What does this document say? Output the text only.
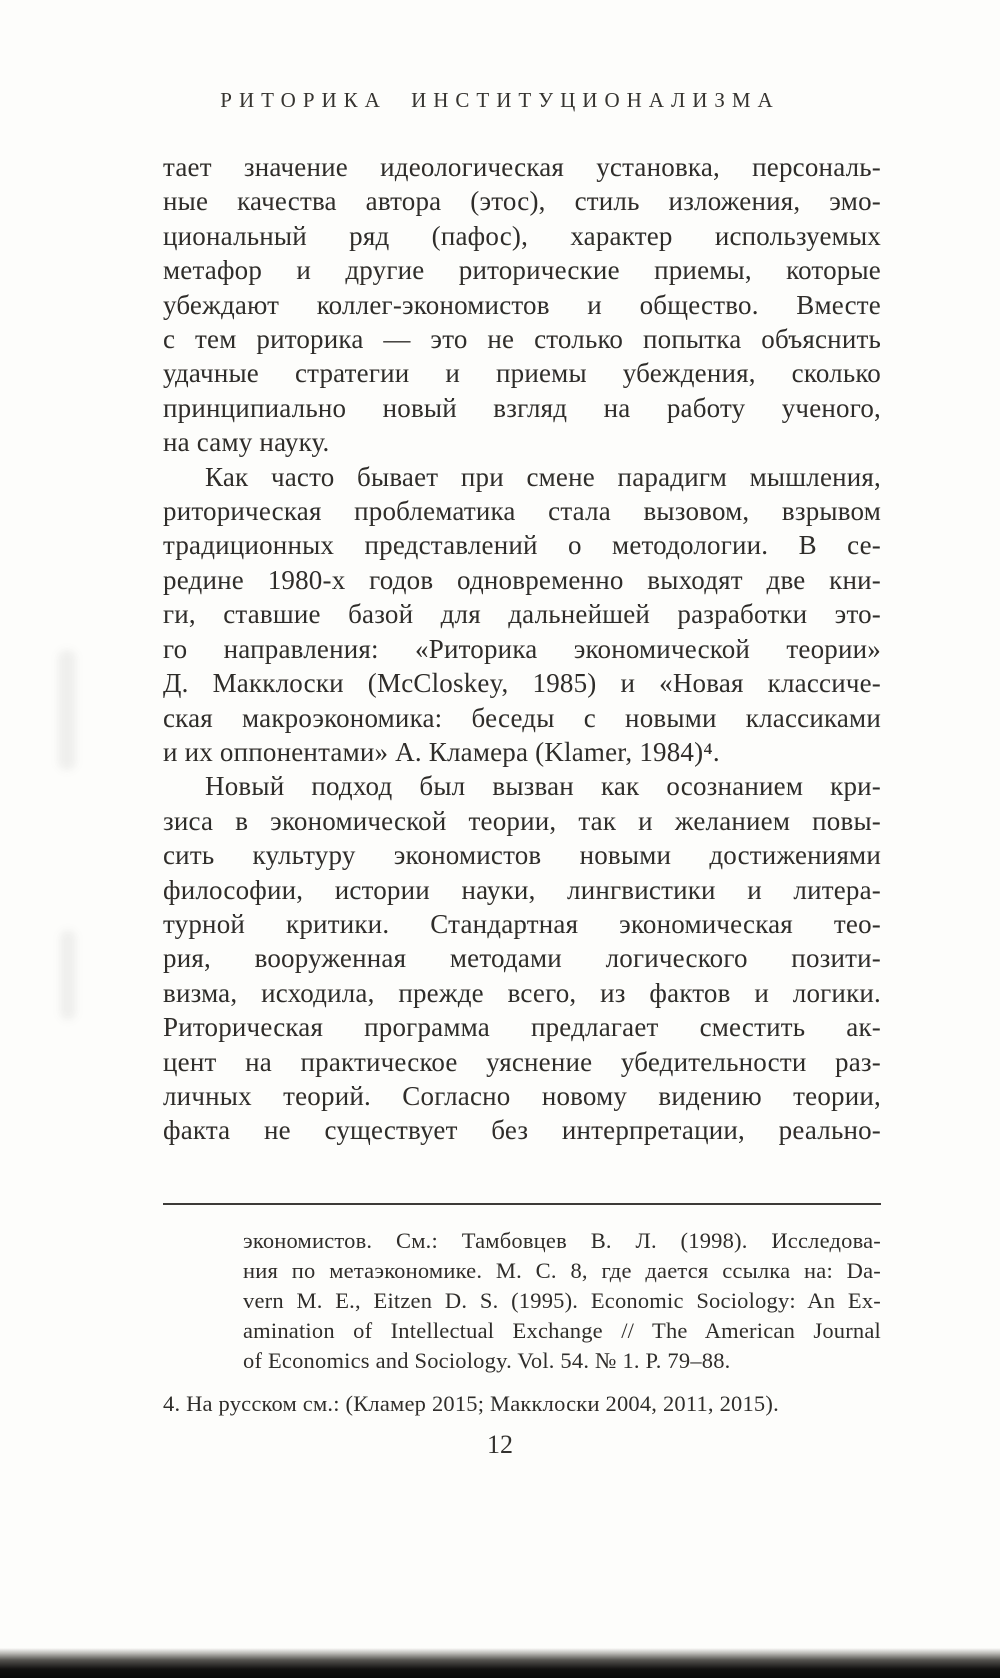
РИТОРИКА ИНСТИТУЦИОНАЛИЗМА
тает значение идеологическая установка, персональ-
ные качества автора (этос), стиль изложения, эмо-
циональный ряд (пафос), характер используемых
метафор и другие риторические приемы, которые
убеждают коллег-экономистов и общество. Вместе
с тем риторика — это не столько попытка объяснить
удачные стратегии и приемы убеждения, сколько
принципиально новый взгляд на работу ученого,
на саму науку.
Как часто бывает при смене парадигм мышления,
риторическая проблематика стала вызовом, взрывом
традиционных представлений о методологии. В се-
редине 1980-х годов одновременно выходят две кни-
ги, ставшие базой для дальнейшей разработки это-
го направления: «Риторика экономической теории»
Д. Макклоски (McCloskey, 1985) и «Новая классиче-
ская макроэкономика: беседы с новыми классиками
и их оппонентами» А. Кламера (Klamer, 1984)⁴.
Новый подход был вызван как осознанием кри-
зиса в экономической теории, так и желанием повы-
сить культуру экономистов новыми достижениями
философии, истории науки, лингвистики и литера-
турной критики. Стандартная экономическая тео-
рия, вооруженная методами логического позити-
визма, исходила, прежде всего, из фактов и логики.
Риторическая программа предлагает сместить ак-
цент на практическое уяснение убедительности раз-
личных теорий. Согласно новому видению теории,
факта не существует без интерпретации, реально-
экономистов. См.: Тамбовцев В. Л. (1998). Исследова-
ния по метаэкономике. М. С. 8, где дается ссылка на: Da-
vern M. E., Eitzen D. S. (1995). Economic Sociology: An Ex-
amination of Intellectual Exchange // The American Journal
of Economics and Sociology. Vol. 54. № 1. P. 79–88.
4. На русском см.: (Кламер 2015; Макклоски 2004, 2011, 2015).
12
